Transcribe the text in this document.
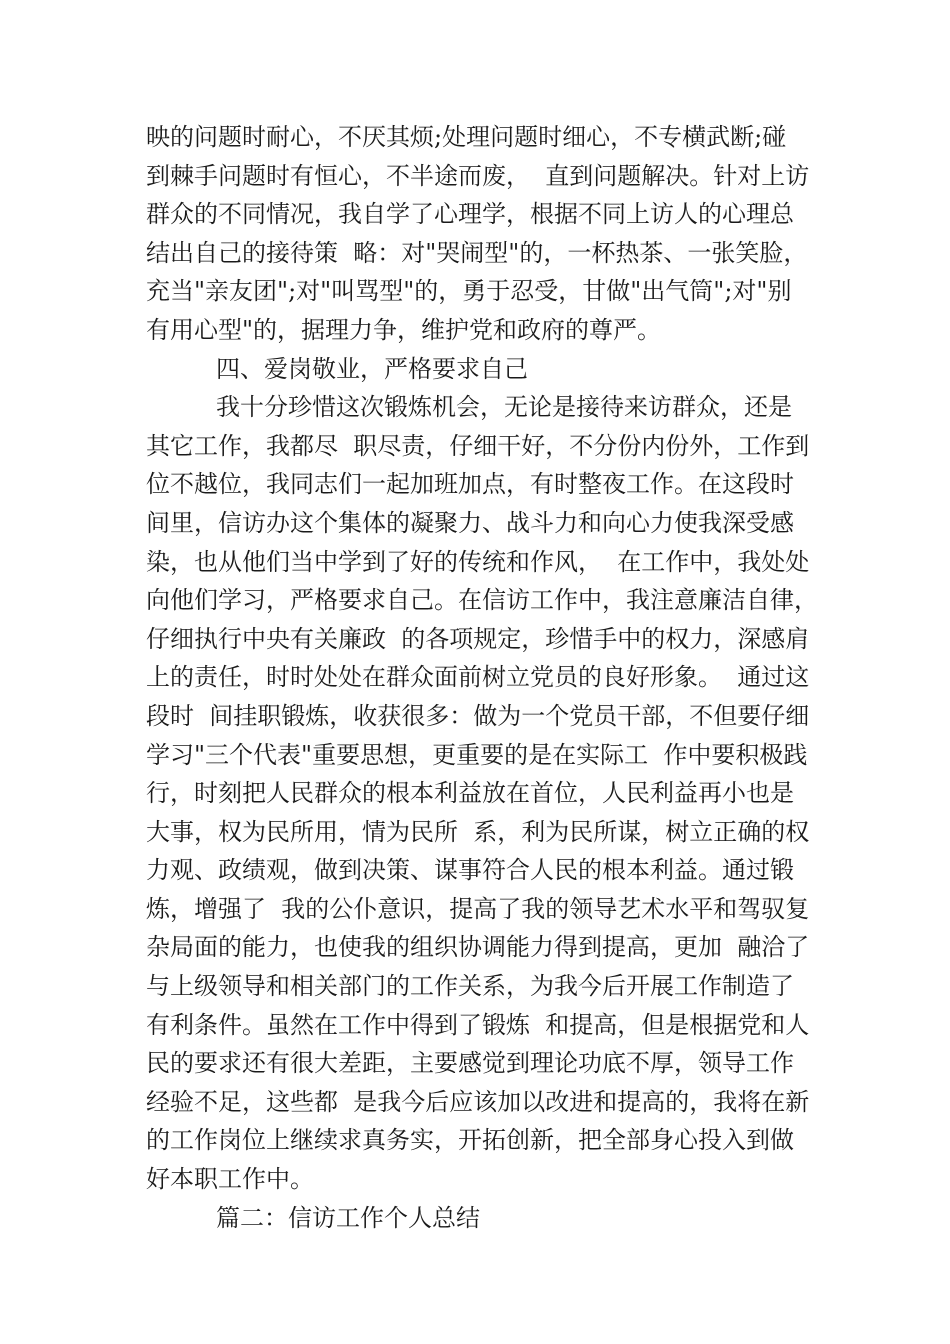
映的问题时耐心，不厌其烦;处理问题时细心，不专横武断;碰
到棘手问题时有恒心，不半途而废，  直到问题解决。针对上访
群众的不同情况，我自学了心理学，根据不同上访人的心理总
结出自己的接待策  略：对"哭闹型"的，一杯热茶、一张笑脸，
充当"亲友团";对"叫骂型"的，勇于忍受，甘做"出气筒";对"别
有用心型"的，据理力争，维护党和政府的尊严。
四、爱岗敬业，严格要求自己
我十分珍惜这次锻炼机会，无论是接待来访群众，还是
其它工作，我都尽  职尽责，仔细干好，不分份内份外，工作到
位不越位，我同志们一起加班加点，有时整夜工作。在这段时
间里，信访办这个集体的凝聚力、战斗力和向心力使我深受感
染，也从他们当中学到了好的传统和作风，  在工作中，我处处
向他们学习，严格要求自己。在信访工作中，我注意廉洁自律，
仔细执行中央有关廉政  的各项规定，珍惜手中的权力，深感肩
上的责任，时时处处在群众面前树立党员的良好形象。  通过这
段时  间挂职锻炼，收获很多：做为一个党员干部，不但要仔细
学习"三个代表"重要思想，更重要的是在实际工  作中要积极践
行，时刻把人民群众的根本利益放在首位，人民利益再小也是
大事，权为民所用，情为民所  系，利为民所谋，树立正确的权
力观、政绩观，做到决策、谋事符合人民的根本利益。通过锻
炼，增强了  我的公仆意识，提高了我的领导艺术水平和驾驭复
杂局面的能力，也使我的组织协调能力得到提高，更加  融洽了
与上级领导和相关部门的工作关系，为我今后开展工作制造了
有利条件。虽然在工作中得到了锻炼  和提高，但是根据党和人
民的要求还有很大差距，主要感觉到理论功底不厚，领导工作
经验不足，这些都  是我今后应该加以改进和提高的，我将在新
的工作岗位上继续求真务实，开拓创新，把全部身心投入到做
好本职工作中。
篇二：信访工作个人总结
